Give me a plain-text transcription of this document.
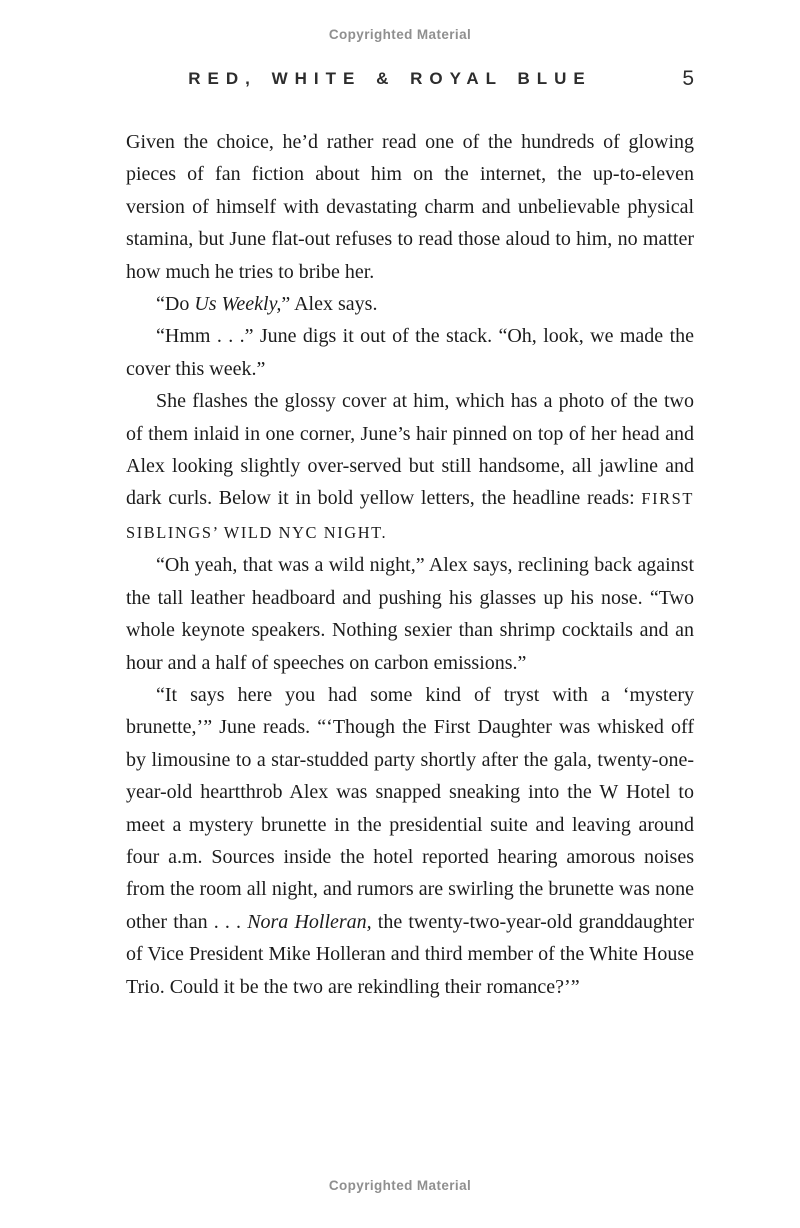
Copyrighted Material
RED, WHITE & ROYAL BLUE	5

Given the choice, he’d rather read one of the hundreds of glowing pieces of fan fiction about him on the internet, the up-to-eleven version of himself with devastating charm and unbelievable physical stamina, but June flat-out refuses to read those aloud to him, no matter how much he tries to bribe her.

“Do Us Weekly,” Alex says.

“Hmm . . .” June digs it out of the stack. “Oh, look, we made the cover this week.”

She flashes the glossy cover at him, which has a photo of the two of them inlaid in one corner, June’s hair pinned on top of her head and Alex looking slightly over-served but still handsome, all jawline and dark curls. Below it in bold yellow letters, the headline reads: FIRST SIBLINGS’ WILD NYC NIGHT.

“Oh yeah, that was a wild night,” Alex says, reclining back against the tall leather headboard and pushing his glasses up his nose. “Two whole keynote speakers. Nothing sexier than shrimp cocktails and an hour and a half of speeches on carbon emissions.”

“It says here you had some kind of tryst with a ‘mystery brunette,’” June reads. “‘Though the First Daughter was whisked off by limousine to a star-studded party shortly after the gala, twenty-one-year-old heartthrob Alex was snapped sneaking into the W Hotel to meet a mystery brunette in the presidential suite and leaving around four a.m. Sources inside the hotel reported hearing amorous noises from the room all night, and rumors are swirling the brunette was none other than . . . Nora Holleran, the twenty-two-year-old granddaughter of Vice President Mike Holleran and third member of the White House Trio. Could it be the two are rekindling their romance?’”

Copyrighted Material
